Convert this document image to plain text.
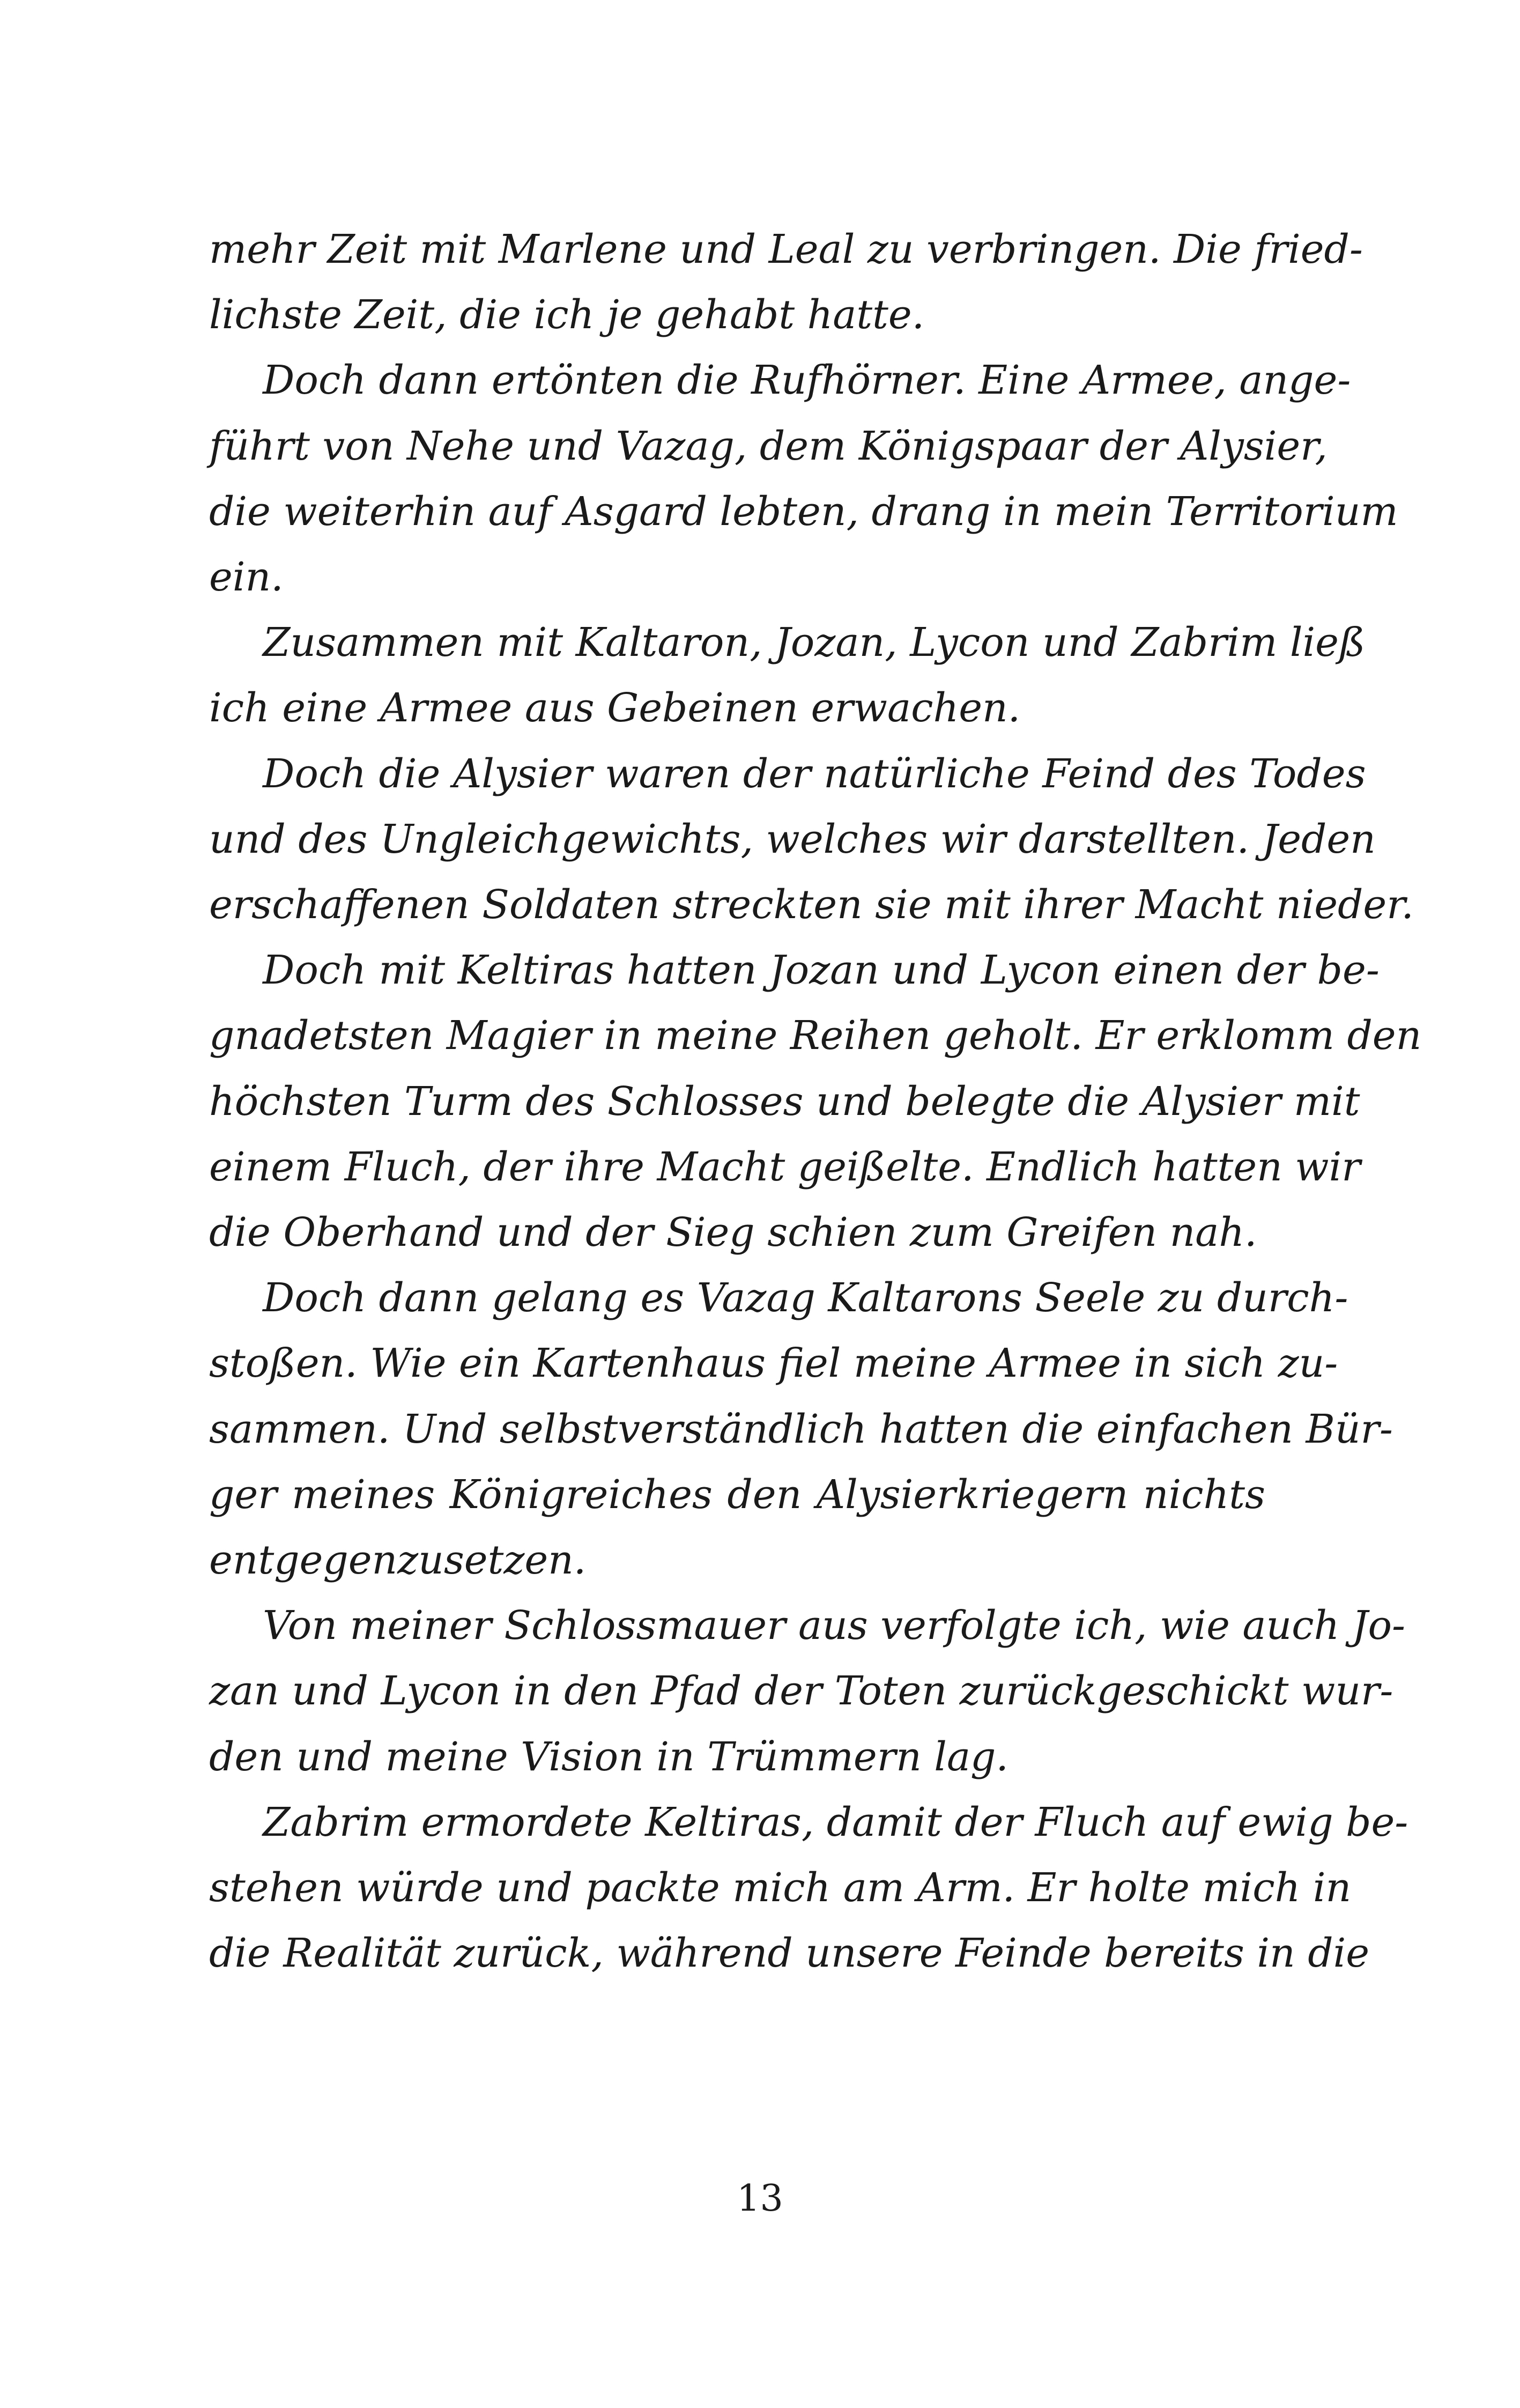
mehr Zeit mit Marlene und Leal zu verbringen. Die fried-
lichste Zeit, die ich je gehabt hatte.
Doch dann ertönten die Rufhörner. Eine Armee, ange-
führt von Nehe und Vazag, dem Königspaar der Alysier,
die weiterhin auf Asgard lebten, drang in mein Territorium
ein.
Zusammen mit Kaltaron, Jozan, Lycon und Zabrim ließ
ich eine Armee aus Gebeinen erwachen.
Doch die Alysier waren der natürliche Feind des Todes
und des Ungleichgewichts, welches wir darstellten. Jeden
erschaffenen Soldaten streckten sie mit ihrer Macht nieder.
Doch mit Keltiras hatten Jozan und Lycon einen der be-
gnadetsten Magier in meine Reihen geholt. Er erklomm den
höchsten Turm des Schlosses und belegte die Alysier mit
einem Fluch, der ihre Macht geißelte. Endlich hatten wir
die Oberhand und der Sieg schien zum Greifen nah.
Doch dann gelang es Vazag Kaltarons Seele zu durch-
stoßen. Wie ein Kartenhaus fiel meine Armee in sich zu-
sammen. Und selbstverständlich hatten die einfachen Bür-
ger meines Königreiches den Alysierkriegern nichts
entgegenzusetzen.
Von meiner Schlossmauer aus verfolgte ich, wie auch Jo-
zan und Lycon in den Pfad der Toten zurückgeschickt wur-
den und meine Vision in Trümmern lag.
Zabrim ermordete Keltiras, damit der Fluch auf ewig be-
stehen würde und packte mich am Arm. Er holte mich in
die Realität zurück, während unsere Feinde bereits in die
13
